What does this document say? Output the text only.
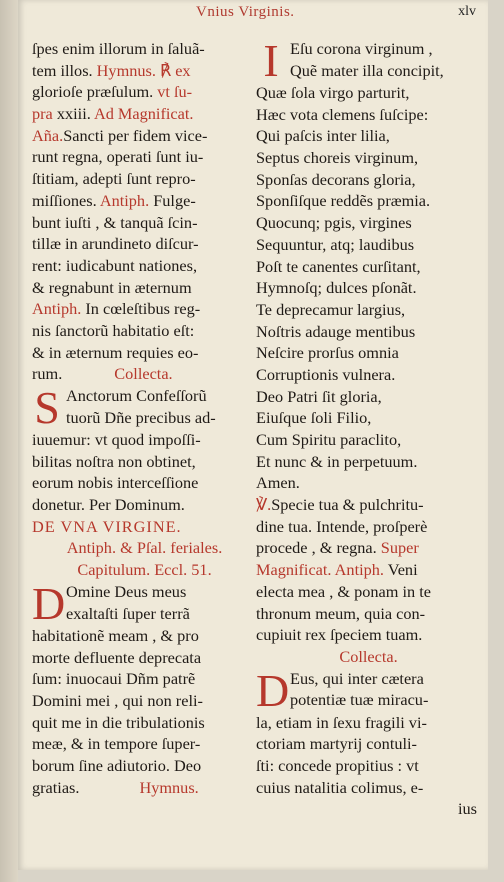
Vnius Virginis.	xlv
ſpes enim illorum in ſaluã-
tem illos. Hymnus. ℟ ex
glorioſe præſulum. vt ſu-
pra xxiii. Ad Magnificat.
Aña.Sancti per fidem vice-
runt regna, operati ſunt iu-
ſtitiam, adepti ſunt repro-
miſſiones. Antiph. Fulge-
bunt iuſti , & tanquã ſcin-
tillæ in arundineto diſcur-
rent: iudicabunt nationes,
& regnabunt in æternum
Antiph. In cœleſtibus reg-
nis ſanctorũ habitatio eſt:
& in æternum requies eo-
rum.	Collecta.
S Anctorum Confeſſorũ
tuorũ Dñe precibus ad-
iuuemur: vt quod impoſſi-
bilitas noſtra non obtinet,
eorum nobis interceſſione
donetur. Per Dominum.
DE VNA VIRGINE.
Antiph. & Pſal. feriales.
Capitulum. Eccl. 51.
D Omine Deus meus
exaltaſti ſuper terrã
habitationẽ meam , & pro
morte defluente deprecata
ſum: inuocaui Dñm patrẽ
Domini mei , qui non reli-
quit me in die tribulationis
meæ, & in tempore ſuper-
borum ſine adiutorio. Deo
gratias.	Hymnus.
I Eſu corona virginum ,
Quẽ mater illa concipit,
Quæ ſola virgo parturit,
Hæc vota clemens ſuſcipe:
Qui paſcis inter lilia,
Septus choreis virginum,
Sponſas decorans gloria,
Sponſiſque reddẽs præmia.
Quocunq; pgis, virgines
Sequuntur, atq; laudibus
Poſt te canentes curſitant,
Hymnoſq; dulces pſonãt.
Te deprecamur largius,
Noſtris adauge mentibus
Neſcire prorſus omnia
Corruptionis vulnera.
Deo Patri ſit gloria,
Eiuſque ſoli Filio,
Cum Spiritu paraclito,
Et nunc & in perpetuum.
Amen.
℣.Specie tua & pulchritu-
dine tua. Intende, proſperè
procede , & regna. Super
Magnificat. Antiph. Veni
electa mea , & ponam in te
thronum meum, quia con-
cupiuit rex ſpeciem tuam.
Collecta.
D Eus, qui inter cætera
potentiæ tuæ miracu-
la, etiam in ſexu fragili vi-
ctoriam martyrij contuli-
ſti: concede propitius : vt
cuius natalitia colimus, e-
ius
